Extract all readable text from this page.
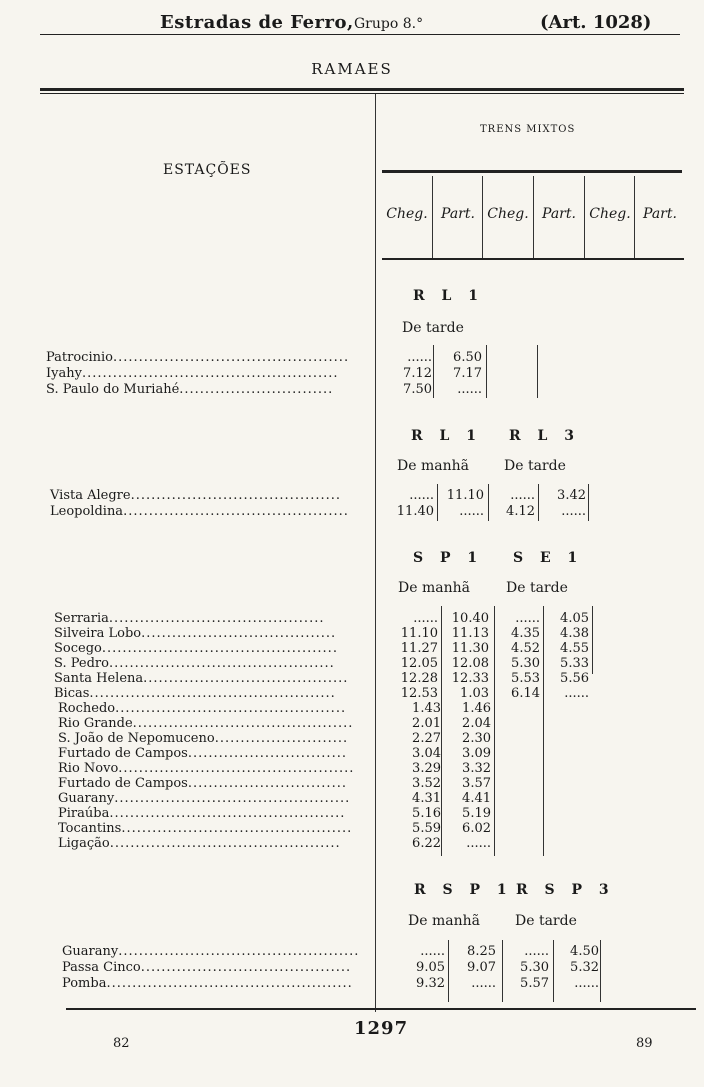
Estradas de Ferro, Grupo 8.°	(Art. 1028)
RAMAES
ESTAÇÕES
TRENS MIXTOS
Cheg. Part. Cheg. Part. Cheg. Part.
R L 1
De tarde
Patrocinio..............................................	......	6.50
Iyahy..................................................	7.12	7.17
S. Paulo do Muriahé..............................	7.50	......
R L 1 R L 3
De manhã	De tarde
Vista Alegre.........................................	...... 11.10	......	3.42
Leopoldina............................................	11.40	......	4.12	......
S P 1 S E 1
De manhã	De tarde
Serraria..........................................	......	10.40	......	4.05
Silveira Lobo......................................	11.10	11.13	4.35	4.38
Socego..............................................	11.27	11.30	4.52	4.55
S. Pedro............................................	12.05	12.08	5.30	5.33
Santa Helena........................................	12.28	12.33	5.53	5.56
Bicas................................................	12.53	1.03	6.14	......
Rochedo.............................................	1.43	1.46
Rio Grande...........................................	2.01	2.04
S. João de Nepomuceno..........................	2.27	2.30
Furtado de Campos...............................	3.04	3.09
Rio Novo..............................................	3.29	3.32
Furtado de Campos...............................	3.52	3.57
Guarany..............................................	4.31	4.41
Piraúba..............................................	5.16	5.19
Tocantins.............................................	5.59	6.02
Ligação.............................................	6.22	......
R S P 1 R S P 3
De manhã	De tarde
Guarany...............................................	......	8.25	......	4.50
Passa Cinco.........................................	9.05	9.07	5.30	5.32
Pomba................................................	9.32	......	5.57	......
82
1297
89
